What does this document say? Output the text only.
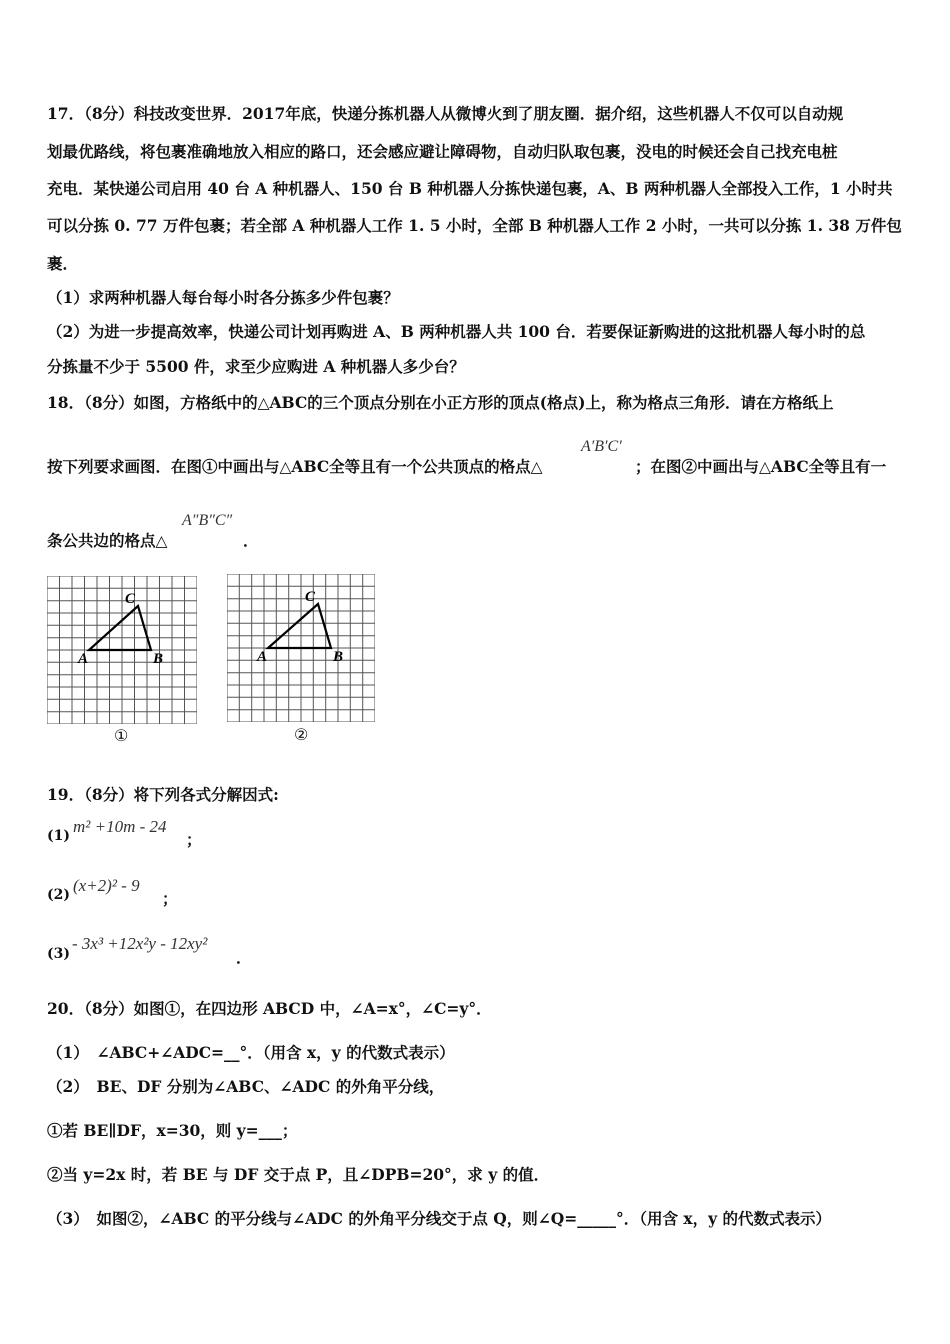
17．（8分）科技改变世界．2017年底，快递分拣机器人从微博火到了朋友圈．据介绍，这些机器人不仅可以自动规
划最优路线，将包裹准确地放入相应的路口，还会感应避让障碍物，自动归队取包裹，没电的时候还会自己找充电桩
充电．某快递公司启用 40 台 A 种机器人、150 台 B 种机器人分拣快递包裹，A、B 两种机器人全部投入工作，1 小时共
可以分拣 0. 77 万件包裹；若全部 A 种机器人工作 1. 5 小时，全部 B 种机器人工作 2 小时，一共可以分拣 1. 38 万件包
裹．
（1）求两种机器人每台每小时各分拣多少件包裹？
（2）为进一步提高效率，快递公司计划再购进 A、B 两种机器人共 100 台．若要保证新购进的这批机器人每小时的总
分拣量不少于 5500 件，求至少应购进 A 种机器人多少台？
18．（8分）如图，方格纸中的△ABC的三个顶点分别在小正方形的顶点(格点)上，称为格点三角形．请在方格纸上
按下列要求画图．在图①中画出与△ABC全等且有一个公共顶点的格点△
A′B′C′
；在图②中画出与△ABC全等且有一
条公共边的格点△
A″B″C″
．
A	B
C
①
A	B
C
②
19．（8分）将下列各式分解因式:
(1) m² +10m - 24
；
(2) (x+2)² - 9
；
(3)
- 3x³ +12x²y - 12xy²
．
20．（8分）如图①，在四边形 ABCD 中，∠A=x°，∠C=y°．
（1）　∠ABC+∠ADC=__°．（用含 x，y 的代数式表示）
（2）　BE、DF 分别为∠ABC、∠ADC 的外角平分线，
①若 BE∥DF，x=30，则 y=___；
②当 y=2x 时，若 BE 与 DF 交于点 P，且∠DPB=20°，求 y 的值．
（3）　如图②，∠ABC 的平分线与∠ADC 的外角平分线交于点 Q，则∠Q=_____°．（用含 x，y 的代数式表示）
